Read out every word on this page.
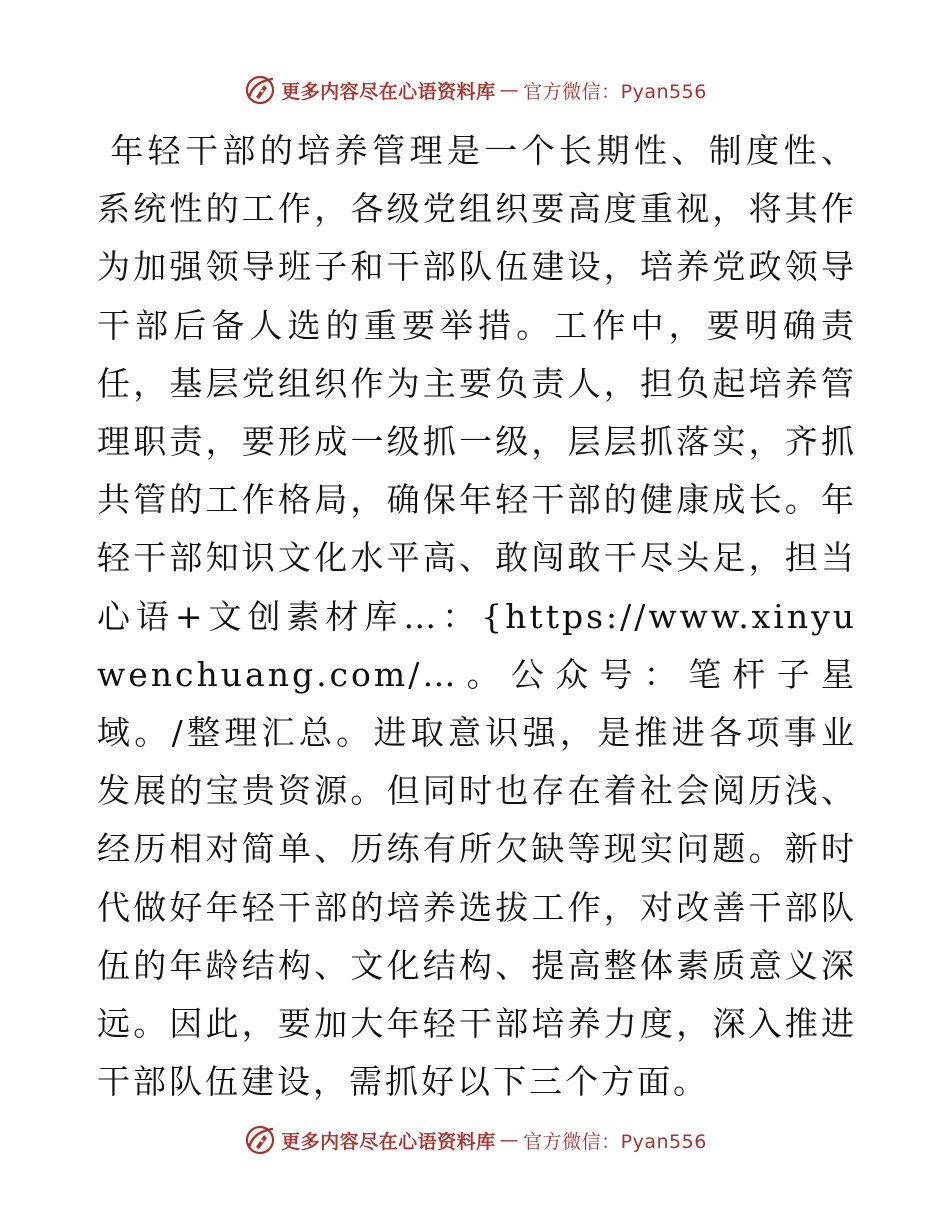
更多内容尽在心语资料库 — 官方微信：Pyan556

年轻干部的培养管理是一个长期性、制度性、系统性的工作，各级党组织要高度重视，将其作为加强领导班子和干部队伍建设，培养党政领导干部后备人选的重要举措。工作中，要明确责任，基层党组织作为主要负责人，担负起培养管理职责，要形成一级抓一级，层层抓落实，齐抓共管的工作格局，确保年轻干部的健康成长。年轻干部知识文化水平高、敢闯敢干尽头足，担当心语+文创素材库…：{https://www.xinyuwenchuang.com/…。公众号：笔杆子星域。/整理汇总。进取意识强，是推进各项事业发展的宝贵资源。但同时也存在着社会阅历浅、经历相对简单、历练有所欠缺等现实问题。新时代做好年轻干部的培养选拔工作，对改善干部队伍的年龄结构、文化结构、提高整体素质意义深远。因此，要加大年轻干部培养力度，深入推进干部队伍建设，需抓好以下三个方面。

更多内容尽在心语资料库 — 官方微信：Pyan556
